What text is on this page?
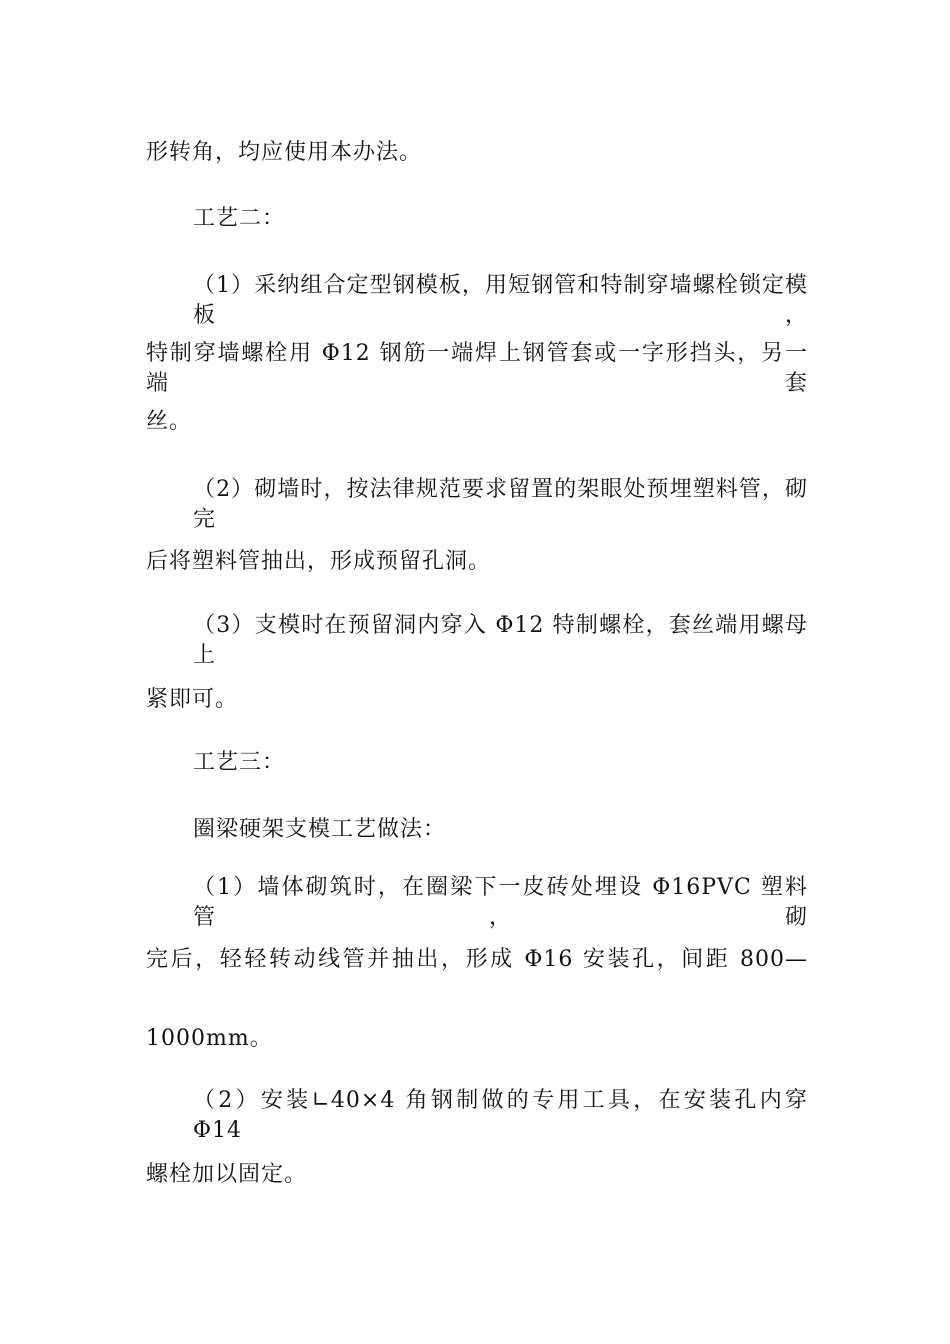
形转角，均应使用本办法。
工艺二：
（1）采纳组合定型钢模板，用短钢管和特制穿墙螺栓锁定模板，
特制穿墙螺栓用 Φ12 钢筋一端焊上钢管套或一字形挡头，另一端套
丝。
（2）砌墙时，按法律规范要求留置的架眼处预埋塑料管，砌完
后将塑料管抽出，形成预留孔洞。
（3）支模时在预留洞内穿入 Φ12 特制螺栓，套丝端用螺母上
紧即可。
工艺三：
圈梁硬架支模工艺做法：
（1）墙体砌筑时，在圈梁下一皮砖处埋设 Φ16PVC 塑料管，砌
完后，轻轻转动线管并抽出，形成 Φ16 安装孔，间距 800—
1000mm。
（2）安装∟40×4 角钢制做的专用工具，在安装孔内穿 Φ14
螺栓加以固定。
